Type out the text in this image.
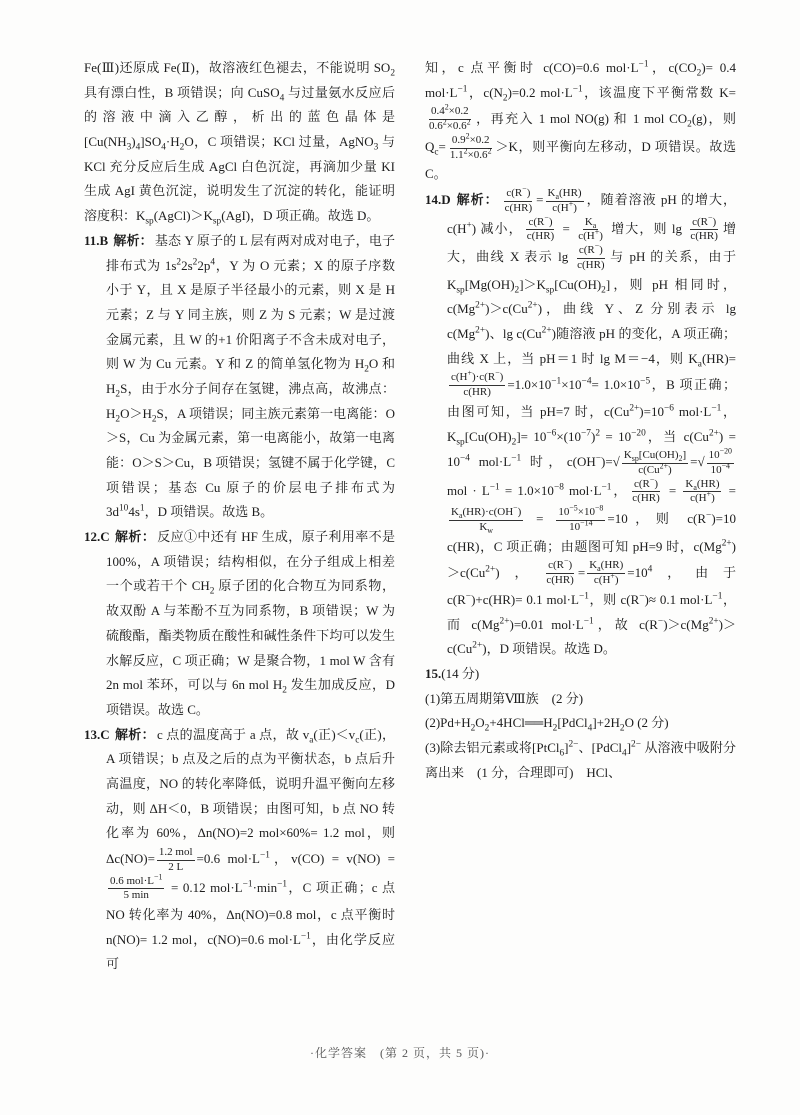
Fe(Ⅲ)还原成 Fe(Ⅱ)，故溶液红色褪去，不能说明 $SO_2$ 具有漂白性，B 项错误；向 CuSO$_4$ 与过量氨水反应后的溶液中滴入乙醇，析出的蓝色晶体是$[Cu(NH_3)_4]SO_4\cdot H_2O$，C 项错误；KCl 过量，AgNO$_3$ 与 KCl 充分反应后生成 AgCl 白色沉淀，再滴加少量 KI 生成 AgI 黄色沉淀，说明发生了沉淀的转化，能证明溶度积：$K_{sp}(AgCl)>K_{sp}(AgI)$，D 项正确。故选 D。

11.B 解析： 基态 Y 原子的 L 层有两对成对电子，电子排布式为 $1s^22s^22p^4$，Y 为 O 元素；X 的原子序数小于 Y，且 X 是原子半径最小的元素，则 X 是 H 元素；Z 与 Y 同主族，则 Z 为 S 元素；W 是过渡金属元素，且 W 的+1 价阳离子不含未成对电子，则 W 为 Cu 元素。Y 和 Z 的简单氢化物为 $H_2O$ 和 $H_2S$，由于水分子间存在氢键，沸点高，故沸点：$H_2O>H_2S$，A 项错误；同主族元素第一电离能：O＞S，Cu 为金属元素，第一电离能小，故第一电离能：O＞S＞Cu，B 项错误；氢键不属于化学键，C 项错误；基态 Cu 原子的价层电子排布式为 $3d^{10}4s^1$，D 项错误。故选 B。

12.C 解析： 反应①中还有 HF 生成，原子利用率不是 100%，A 项错误；结构相似，在分子组成上相差一个或若干个 $CH_2$ 原子团的化合物互为同系物，故双酚 A 与苯酚不互为同系物，B 项错误；W 为硫酸酯，酯类物质在酸性和碱性条件下均可以发生水解反应，C 项正确；W 是聚合物，1 mol W 含有 2n mol 苯环，可以与 6n mol $H_2$ 发生加成反应，D 项错误。故选 C。

13.C 解析： c 点的温度高于 a 点，故 $v_a$(正)$<v_c$(正)，A 项错误；b 点及之后的点为平衡状态，b 点后升高温度，NO 的转化率降低，说明升温平衡向左移动，则 ΔH＜0，B 项错误；由图可知，b 点 NO 转化率为 60%，Δn(NO)=2 mol×60%= 1.2 mol，则 Δc(NO)= 1.2 mol
2 L
=0.6 $mol\cdot L^{-1}$，v(CO) = v(NO) =
0.6 $mol\cdot L^{-1}$
5 min
= 0.12 $mol\cdot L^{-1}\cdot\min^{-1}$，C 项正确；c 点 NO 转化率为 40%，Δn(NO)=0.8 mol，c 点平衡时 n(NO)= 1.2 mol，c(NO)=0.6 $mol\cdot L^{-1}$，由化学反应可

知，c 点平衡时 c(CO)=0.6 $mol\cdot L^{-1}$，$c(CO_2)= 0.4$ $mol\cdot L^{-1}$，$c(N_2)=0.2$ $mol\cdot L^{-1}$，该温度下平衡常数 K=
$\frac{0.4^2\times 0.2}{0.6^2\times 0.6^2}$ ，再充入 1 mol NO(g) 和 1 mol $CO_2(g)$，则 $Q_c= \frac{0.9^2\times 0.2}{1.1^2\times 0.6^2} >K$，则平衡向左移动，D 项错误。故选 C。

14.D 解析： $\frac{c(R^-)}{c(HR)} = \frac{K_a(HR)}{c(H^+)}$ ，随着溶液 pH 的增大，c(H+) 减小， $\frac{c(R^-)}{c(HR)} = \frac{K_a}{c(H^+)}$ 增大，则 $\lg \frac{c(R^-)}{c(HR)}$ 增大，曲线 X 表示 $\lg \frac{c(R^-)}{c(HR)}$ 与 pH 的关系，由于 $K_{sp}[Mg(OH)_2]>K_{sp}[Cu(OH)_2]$，则 pH 相同时，$c(Mg^{2+})>c(Cu^{2+})$，曲线 Y、Z 分别表示 $\lg c(Mg^{2+})$、$\lg c(Cu^{2+})$随溶液 pH 的变化，A 项正确；曲线 X 上，当 pH＝1 时 lg M＝−4，则 $K_a(HR)=$
$\frac{c(H^+)\cdot c(R^-)}{c(HR)} =1.0\times 10^{-1}\times 10^{-4}= 1.0\times 10^{-5}$，B 项正确；由图可知，当 pH=7 时，$c(Cu^{2+})=10^{-6}$ $mol\cdot L^{-1}$，$K_{sp}[Cu(OH)_2]= 10^{-6}\times(10^{-7})^2 = 10^{-20}$，当 $c(Cu^{2+}) = 10^{-4}$ $mol\cdot L^{-1}$ 时，c(OH−)=√ $K_{sp}[Cu(OH)_2]$
$c(Cu^{2+})$
=√ $\frac{10^{-20}}{10^{-4}}$
mol · $L^{-1} = 1.0\times 10^{-8}$ $mol\cdot L^{-1}$， $\frac{c(R^-)}{c(HR)} = \frac{K_a(HR)}{c(H^+)}$ =
$\frac{K_a(HR)\cdot c(OH^-)}{K_w} = \frac{10^{-5}\times 10^{-8}}{10^{-14}} =10$，则 c(R−)=10 c(HR)，C 项正确；由题图可知 pH=9 时，$c(Mg^{2+})>c(Cu^{2+})$， $\frac{c(R^-)}{c(HR)} = \frac{K_a(HR)}{c(H^+)} =10^4$，由于 c(R−)+c(HR)= 0.1 $mol\cdot L^{-1}$，则 c(R−)≈ 0.1 $mol\cdot L^{-1}$，而 $c(Mg^{2+})=0.01$ $mol\cdot L^{-1}$，故 $c(R^-)>c(Mg^{2+})>c(Cu^{2+})$，D 项错误。故选 D。

15.(14 分)

(1)第五周期第Ⅷ族　(2 分)

$(2)Pd+H_2O_2+4HCl══H_2[PdCl_4]+2H_2O$ (2 分)

(3)除去铝元素或将[PtCl$_6$]$^{2-}$、[PdCl$_4$]$^{2-}$ 从溶液中吸附分离出来　(1 分，合理即可)　HCl、

·化学答案　(第 2 页，共 5 页)·
